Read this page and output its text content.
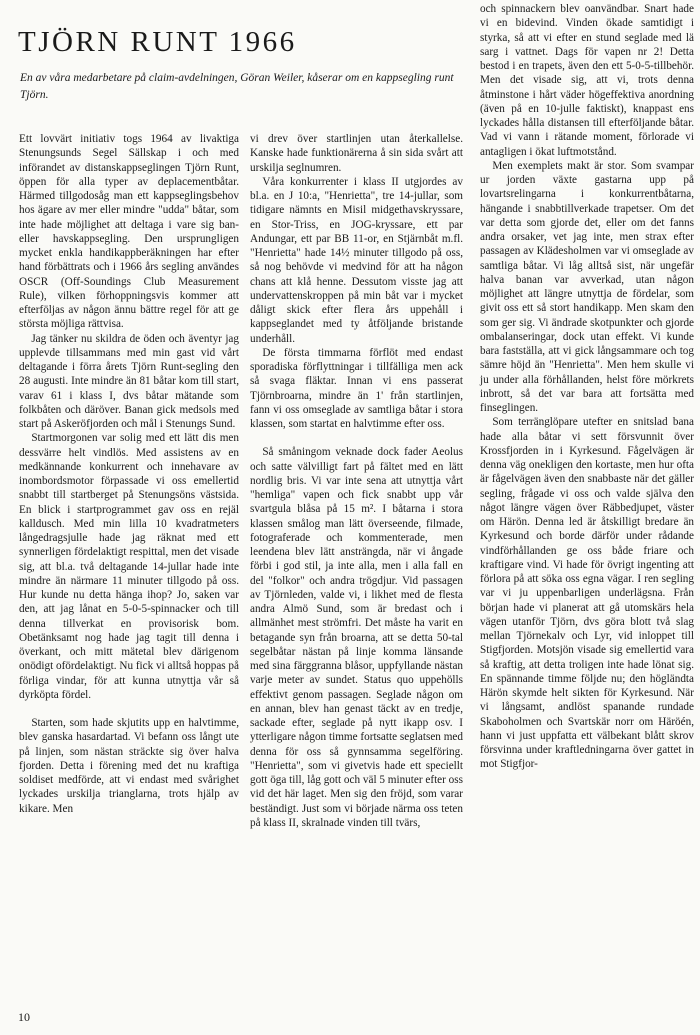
TJÖRN RUNT 1966

En av våra medarbetare på claim-avdelningen, Göran Weiler, kåserar om en kappsegling runt Tjörn.

Ett lovvärt initiativ togs 1964 av livaktiga Stenungsunds Segel Sällskap i och med införandet av distanskappseglingen Tjörn Runt, öppen för alla typer av deplacementbåtar. Härmed tillgodosåg man ett kappseglingsbehov hos ägare av mer eller mindre "udda" båtar, som inte hade möjlighet att deltaga i vare sig ban- eller havskappsegling. Den ursprungligen mycket enkla handikappberäkningen har efter hand förbättrats och i 1966 års segling användes OSCR (Off-Soundings Club Measurement Rule), vilken förhoppningsvis kommer att efterföljas av någon ännu bättre regel för att ge största möjliga rättvisa.

Jag tänker nu skildra de öden och äventyr jag upplevde tillsammans med min gast vid vårt deltagande i förra årets Tjörn Runt-segling den 28 augusti. Inte mindre än 81 båtar kom till start, varav 61 i klass I, dvs båtar mätande som folkbåten och däröver. Banan gick medsols med start på Askeröfjorden och mål i Stenungs Sund.

Startmorgonen var solig med ett lätt dis men dessvärre helt vindlös. Med assistens av en medkännande konkurrent och innehavare av inombordsmotor förpassade vi oss emellertid snabbt till startberget på Stenungsöns västsida. En blick i startprogrammet gav oss en rejäl kalldusch. Med min lilla 10 kvadratmeters långedragsjulle hade jag räknat med ett synnerligen fördelaktigt respittal, men det visade sig, att bl.a. två deltagande 14-jullar hade inte mindre än närmare 11 minuter tillgodo på oss. Hur kunde nu detta hänga ihop? Jo, saken var den, att jag lånat en 5-0-5-spinnacker och till denna tillverkat en provisorisk bom. Obetänksamt nog hade jag tagit till denna i överkant, och mitt mätetal blev därigenom onödigt ofördelaktigt. Nu fick vi alltså hoppas på förliga vindar, för att kunna utnyttja vår så dyrköpta fördel.

Starten, som hade skjutits upp en halvtimme, blev ganska hasardartad. Vi befann oss långt ute på linjen, som nästan sträckte sig över halva fjorden. Detta i förening med det nu kraftiga soldiset medförde, att vi endast med svårighet lyckades urskilja trianglarna, trots hjälp av kikare. Men

vi drev över startlinjen utan återkallelse. Kanske hade funktionärerna å sin sida svårt att urskilja seglnumren.

Våra konkurrenter i klass II utgjordes av bl.a. en J 10:a, "Henrietta", tre 14-jullar, som tidigare nämnts en Misil midgethavskryssare, en Stor-Triss, en JOG-kryssare, ett par Andungar, ett par BB 11-or, en Stjärnbåt m.fl. "Henrietta" hade 14½ minuter tillgodo på oss, så nog behövde vi medvind för att ha någon chans att klå henne. Dessutom visste jag att undervattenskroppen på min båt var i mycket dåligt skick efter flera års uppehåll i kappseglandet med ty åtföljande bristande underhåll.

De första timmarna förflöt med endast sporadiska förflyttningar i tillfälliga men ack så svaga fläktar. Innan vi ens passerat Tjörnbroarna, mindre än 1' från startlinjen, fann vi oss omseglade av samtliga båtar i stora klassen, som startat en halvtimme efter oss.

Så småningom veknade dock fader Aeolus och satte välvilligt fart på fältet med en lätt nordlig bris. Vi var inte sena att utnyttja vårt "hemliga" vapen och fick snabbt upp vår svartgula blåsa på 15 m². I båtarna i stora klassen smålog man lätt överseende, filmade, fotograferade och kommenterade, men leendena blev lätt ansträngda, när vi ångade förbi i god stil, ja inte alla, men i alla fall en del "folkor" och andra trögdjur. Vid passagen av Tjörnleden, valde vi, i likhet med de flesta andra Almö Sund, som är bredast och i allmänhet mest strömfri. Det måste ha varit en betagande syn från broarna, att se detta 50-tal segelbåtar nästan på linje komma länsande med sina färggranna blåsor, uppfyllande nästan varje meter av sundet. Status quo uppehölls effektivt genom passagen. Seglade någon om en annan, blev han genast täckt av en tredje, sackade efter, seglade på nytt ikapp osv. I ytterligare någon timme fortsatte seglatsen med denna för oss så gynnsamma segelföring. "Henrietta", som vi givetvis hade ett speciellt gott öga till, låg gott och väl 5 minuter efter oss vid det här laget. Men sig den fröjd, som varar beständigt. Just som vi började närma oss teten på klass II, skralnade vinden till tvärs,

och spinnackern blev oanvändbar. Snart hade vi en bidevind. Vinden ökade samtidigt i styrka, så att vi efter en stund seglade med lä sarg i vattnet. Dags för vapen nr 2! Detta bestod i en trapets, även den ett 5-0-5-tillbehör. Men det visade sig, att vi, trots denna åtminstone i hårt väder högeffektiva anordning (även på en 10-julle faktiskt), knappast ens lyckades hålla distansen till efterföljande båtar. Vad vi vann i rätande moment, förlorade vi antagligen i ökat luftmotstånd.

Men exemplets makt är stor. Som svampar ur jorden växte gastarna upp på lovartsrelingarna i konkurrentbåtarna, hängande i snabbtillverkade trapetser. Om det var detta som gjorde det, eller om det fanns andra orsaker, vet jag inte, men strax efter passagen av Klädesholmen var vi omseglade av samtliga båtar. Vi låg alltså sist, när ungefär halva banan var avverkad, utan någon möjlighet att längre utnyttja de fördelar, som givit oss ett så stort handikapp. Men skam den som ger sig. Vi ändrade skotpunkter och gjorde ombalanseringar, dock utan effekt. Vi kunde bara fastställa, att vi gick långsammare och tog sämre höjd än "Henrietta". Men hem skulle vi ju under alla förhållanden, helst före mörkrets inbrott, så det var bara att fortsätta med finseglingen.

Som terränglöpare utefter en snitslad bana hade alla båtar vi sett försvunnit över Krossfjorden in i Kyrkesund. Fågelvägen är denna väg onekligen den kortaste, men hur ofta är fågelvägen även den snabbaste när det gäller segling, frågade vi oss och valde själva den något längre vägen över Räbbedjupet, väster om Härön. Denna led är åtskilligt bredare än Kyrkesund och borde därför under rådande vindförhållanden ge oss både friare och kraftigare vind. Vi hade för övrigt ingenting att förlora på att söka oss egna vägar. I ren segling var vi ju uppenbarligen underlägsna. Från början hade vi planerat att gå utomskärs hela vägen utanför Tjörn, dvs göra blott två slag mellan Tjörnekalv och Lyr, vid inloppet till Stigfjorden. Motsjön visade sig emellertid vara så kraftig, att detta troligen inte hade lönat sig. En spännande timme följde nu; den högländta Härön skymde helt sikten för Kyrkesund. När vi långsamt, andlöst spanande rundade Skaboholmen och Svartskär norr om Häröén, hann vi just uppfatta ett välbekant blått skrov försvinna under kraftledningarna över gattet in mot Stigfjor-

10
